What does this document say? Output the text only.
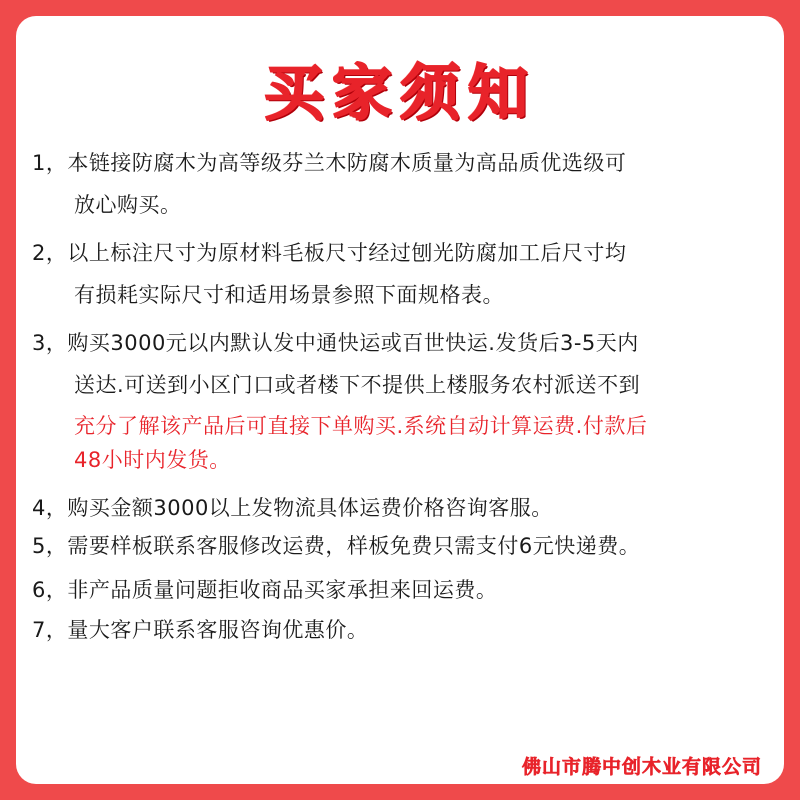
买家须知
1，本链接防腐木为高等级芬兰木防腐木质量为高品质优选级可
放心购买。
2，以上标注尺寸为原材料毛板尺寸经过刨光防腐加工后尺寸均
有损耗实际尺寸和适用场景参照下面规格表。
3，购买3000元以内默认发中通快运或百世快运.发货后3-5天内
送达.可送到小区门口或者楼下不提供上楼服务农村派送不到
充分了解该产品后可直接下单购买.系统自动计算运费.付款后
48小时内发货。
4，购买金额3000以上发物流具体运费价格咨询客服。
5，需要样板联系客服修改运费，样板免费只需支付6元快递费。
6，非产品质量问题拒收商品买家承担来回运费。
7，量大客户联系客服咨询优惠价。
佛山市腾中创木业有限公司
